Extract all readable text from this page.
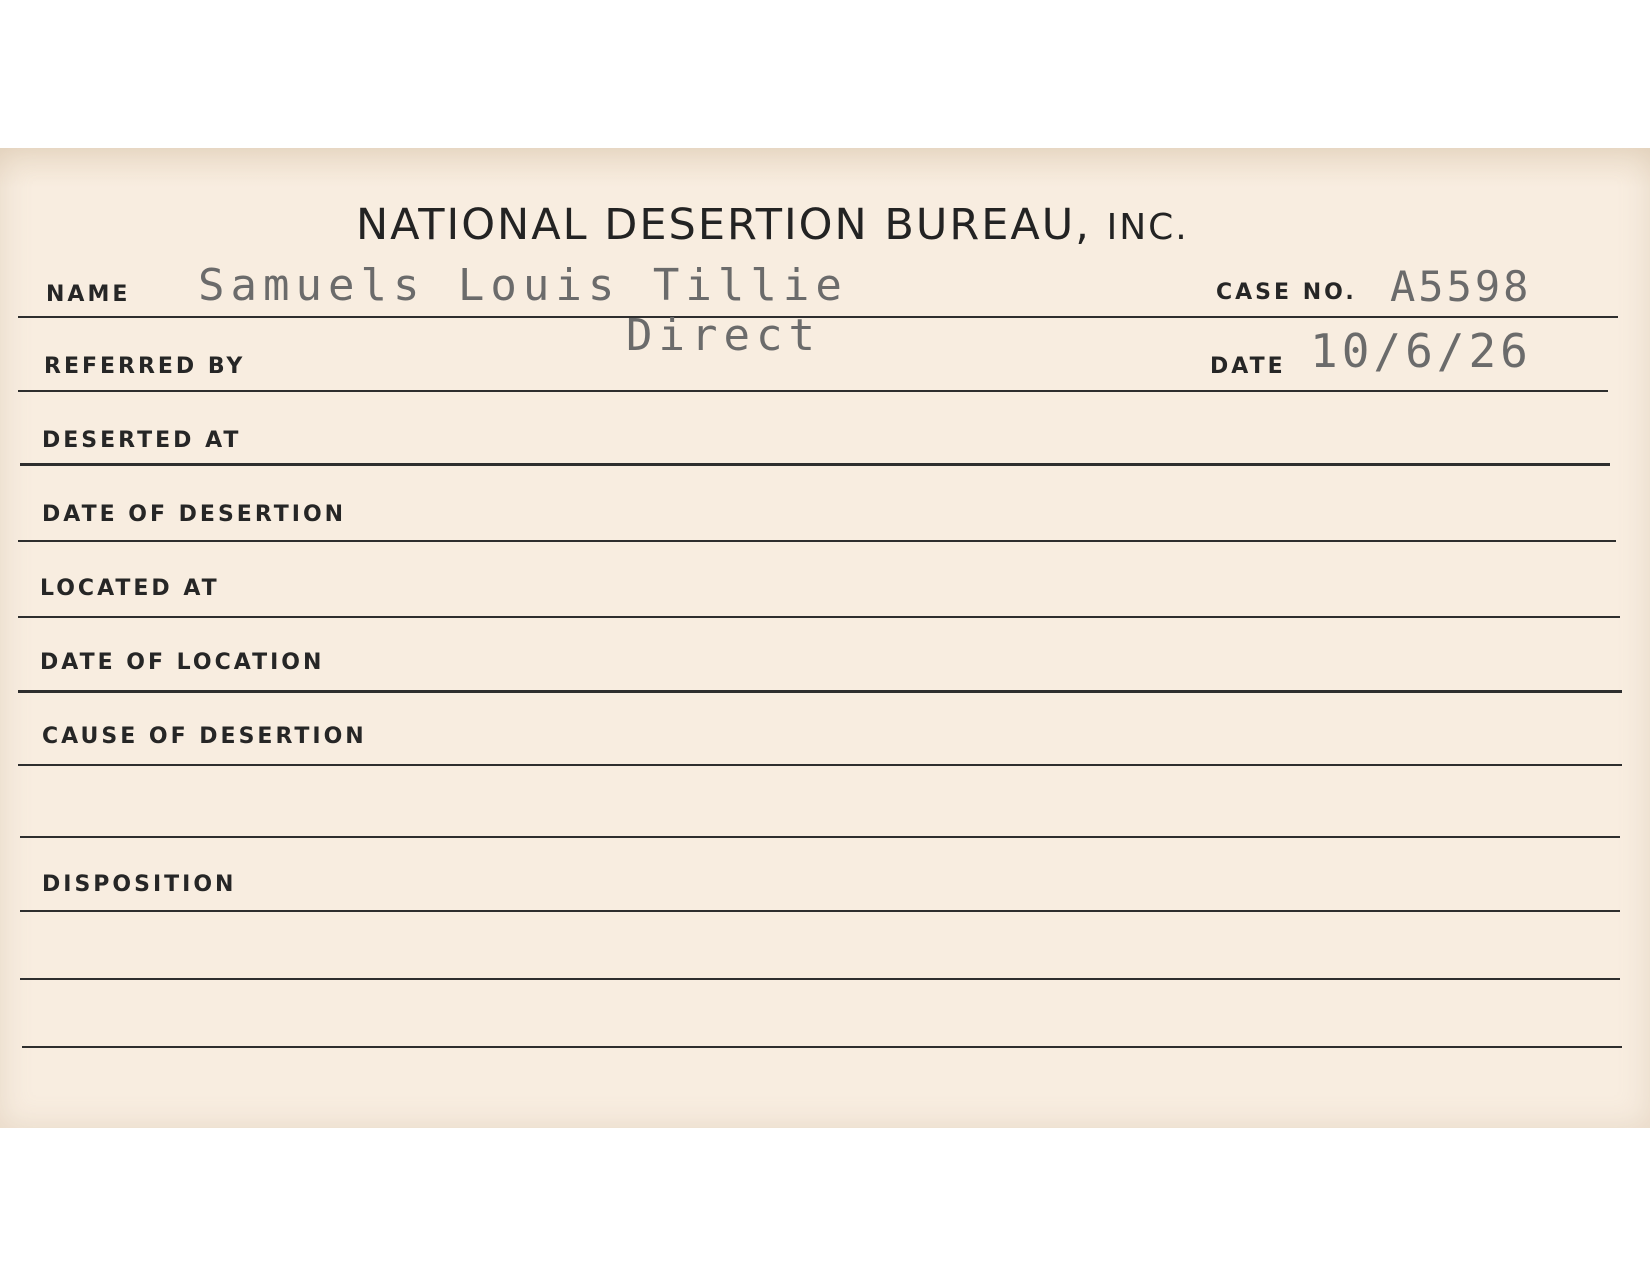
NATIONAL DESERTION BUREAU, INC.
NAME Samuels Louis Tillie	CASE NO. A5598
REFERRED BY
Direct
DATE 10/6/26
DESERTED AT
DATE OF DESERTION
LOCATED AT
DATE OF LOCATION
CAUSE OF DESERTION
DISPOSITION
